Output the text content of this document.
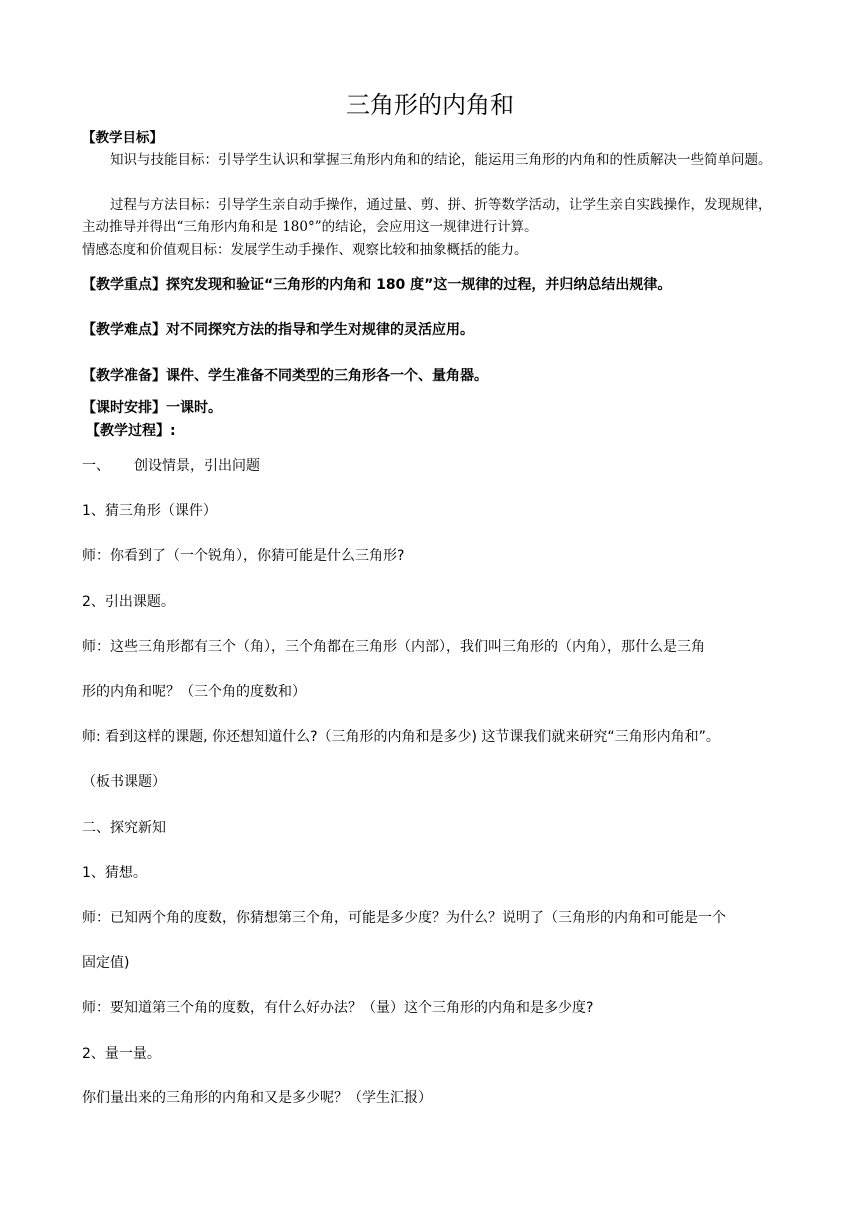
三角形的内角和
【教学目标】
知识与技能目标：引导学生认识和掌握三角形内角和的结论，能运用三角形的内角和的性质解决一些简单问题。
过程与方法目标：引导学生亲自动手操作，通过量、剪、拼、折等数学活动，让学生亲自实践操作，发现规律，主动推导并得出“三角形内角和是 180°”的结论，会应用这一规律进行计算。
情感态度和价值观目标：发展学生动手操作、观察比较和抽象概括的能力。
【教学重点】探究发现和验证“三角形的内角和 180 度”这一规律的过程，并归纳总结出规律。
【教学难点】对不同探究方法的指导和学生对规律的灵活应用。
【教学准备】课件、学生准备不同类型的三角形各一个、量角器。
【课时安排】一课时。
【教学过程】:
一、 创设情景，引出问题
1、猜三角形（课件）
师：你看到了（一个锐角），你猜可能是什么三角形?
2、引出课题。
师：这些三角形都有三个（角），三个角都在三角形（内部），我们叫三角形的（内角），那什么是三角
形的内角和呢？（三个角的度数和）
师: 看到这样的课题, 你还想知道什么?（三角形的内角和是多少) 这节课我们就来研究“三角形内角和”。
（板书课题）
二、探究新知
1、猜想。
师：已知两个角的度数，你猜想第三个角，可能是多少度？为什么？说明了（三角形的内角和可能是一个
固定值)
师：要知道第三个角的度数，有什么好办法？（量）这个三角形的内角和是多少度?
2、量一量。
你们量出来的三角形的内角和又是多少呢？（学生汇报）
